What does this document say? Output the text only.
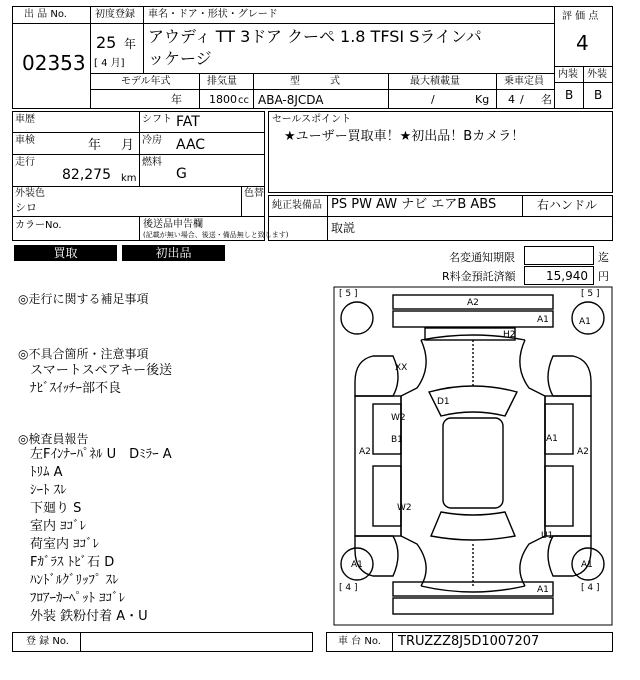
出 品 No.
02353
初度登録
25 年
[ 4 月]
車名・ドア・形状・グレード
アウディ TT 3ドア クーペ 1.8 TFSI Sラインパ
ッケージ
評 価 点
4
内装 外装
B B
モデル年式
年
排気量
1800 cc
型　　　式
ABA-8JCDA
最大積載量
/	Kg
乗車定員
4 / 名
車歴
車検	年 月
走行
82,275 km
シフト FAT
冷房 AAC
燃料
G
外装色
シロ
色替
カラーNo.	後送品申告欄
(記載が無い場合、後送・備品無しと致します)
セールスポイント
★ユーザー買取車！★初出品！Bカメラ！
純正装備品 PS PW AW ナビ エアB ABS	右ハンドル
取説
買取	初出品	名変通知期限	迄
R料金預託済額	15,940 円
◎走行に関する補足事項
◎不具合箇所・注意事項
スマートスペアキー後送
ﾅﾋﾞｽｲｯﾁｰ部不良
◎検査員報告
左Fｲﾝﾅｰﾊﾟﾈﾙ U　Dﾐﾗｰ A
ﾄﾘﾑ A
ｼｰﾄ ｽﾚ
下廻り S
室内 ﾖｺﾞﾚ
荷室内 ﾖｺﾞﾚ
Fｶﾞﾗｽ ﾄﾋﾞ石 D
ﾊﾝﾄﾞﾙｸﾞﾘｯﾌﾟ ｽﾚ
ﾌﾛｱｰｶｰﾍﾟｯﾄ ﾖｺﾞﾚ
外装 鉄粉付着 A・U
[ 5 ]	[ 5 ]
[ 4 ]	[ 4 ]
A2
A1	A1
H2
XX
D1
W2
B1
A2
A1
A2
W2
U1
A1	A1
A1
登 録 No.	車 台 No. TRUZZZ8J5D1007207
